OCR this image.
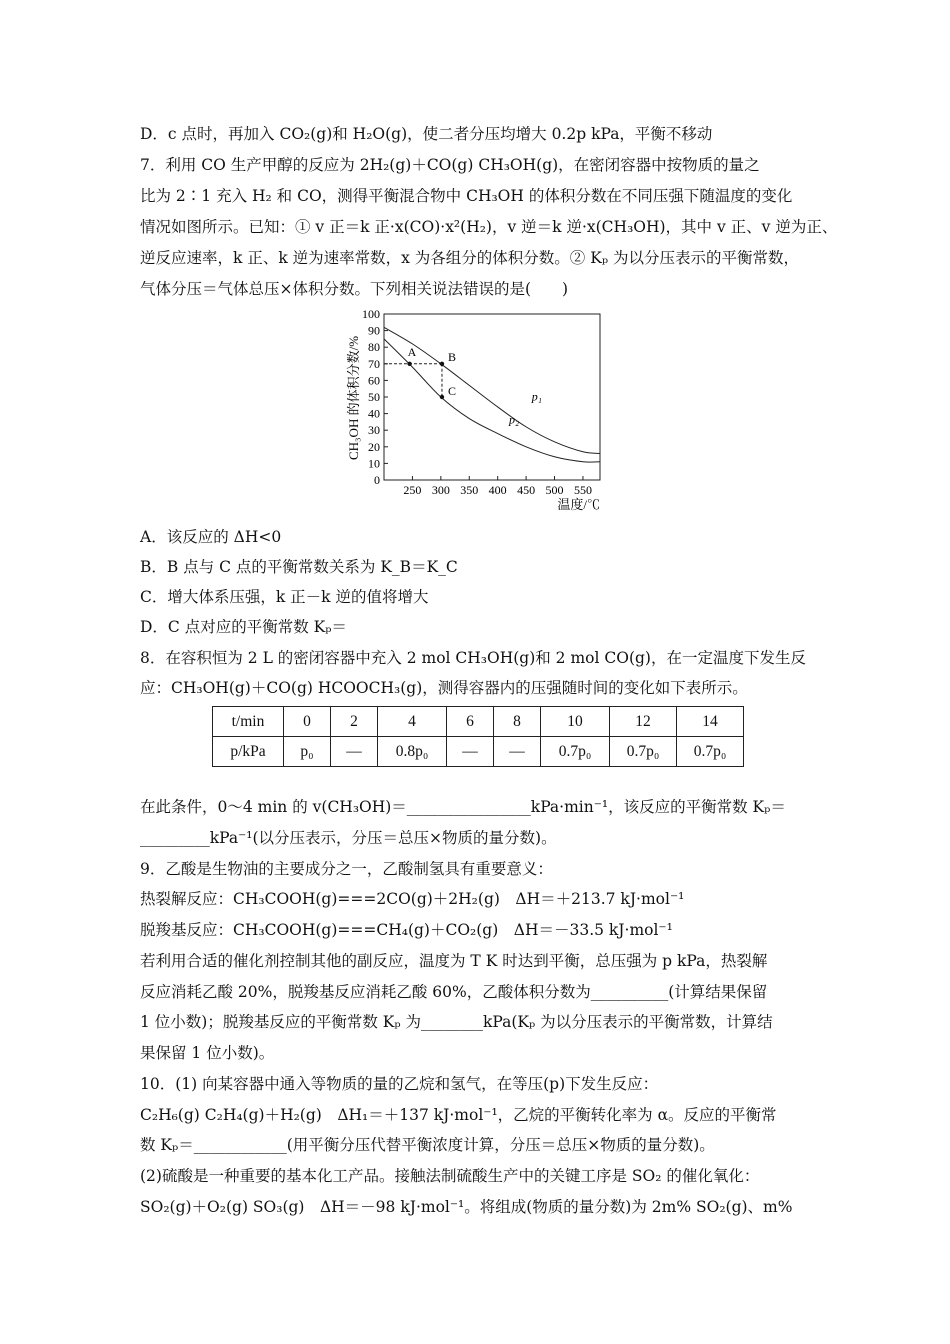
D．c 点时，再加入 CO₂(g)和 H₂O(g)，使二者分压均增大 0.2p kPa，平衡不移动
7．利用 CO 生产甲醇的反应为 2H₂(g)＋CO(g) CH₃OH(g)，在密闭容器中按物质的量之
比为 2∶1 充入 H₂ 和 CO，测得平衡混合物中 CH₃OH 的体积分数在不同压强下随温度的变化
情况如图所示。已知：① v 正＝k 正·x(CO)·x²(H₂)，v 逆＝k 逆·x(CH₃OH)，其中 v 正、v 逆为正、
逆反应速率，k 正、k 逆为速率常数，x 为各组分的体积分数。② Kₚ 为以分压表示的平衡常数，
气体分压＝气体总压×体积分数。下列相关说法错误的是(　　)
0
10
20
30
40
50
60
70
80
90
100
250 300 350 400 450 500 550
p₁
p₂
A	B
C
CH₃OH 的体积分数/%
温度/℃
A．该反应的 ΔH<0
B．B 点与 C 点的平衡常数关系为 K_B＝K_C
C．增大体系压强，k 正－k 逆的值将增大
D．C 点对应的平衡常数 Kₚ＝
8．在容积恒为 2 L 的密闭容器中充入 2 mol CH₃OH(g)和 2 mol CO(g)，在一定温度下发生反
应：CH₃OH(g)＋CO(g) HCOOCH₃(g)，测得容器内的压强随时间的变化如下表所示。
t/min	0	2	4	6	8	10	12	14
p/kPa	p₀	—	0.8p₀	—	—	0.7p₀	0.7p₀	0.7p₀
在此条件，0～4 min 的 v(CH₃OH)＝________________kPa·min⁻¹，该反应的平衡常数 Kₚ＝
_________kPa⁻¹(以分压表示，分压＝总压×物质的量分数)。
9．乙酸是生物油的主要成分之一，乙酸制氢具有重要意义：
热裂解反应：CH₃COOH(g)===2CO(g)＋2H₂(g)　ΔH＝＋213.7 kJ·mol⁻¹
脱羧基反应：CH₃COOH(g)===CH₄(g)＋CO₂(g)　ΔH＝－33.5 kJ·mol⁻¹
若利用合适的催化剂控制其他的副反应，温度为 T K 时达到平衡，总压强为 p kPa，热裂解
反应消耗乙酸 20%，脱羧基反应消耗乙酸 60%，乙酸体积分数为__________(计算结果保留
1 位小数)；脱羧基反应的平衡常数 Kₚ 为________kPa(Kₚ 为以分压表示的平衡常数，计算结
果保留 1 位小数)。
10．(1) 向某容器中通入等物质的量的乙烷和氢气，在等压(p)下发生反应：
C₂H₆(g) C₂H₄(g)＋H₂(g)　ΔH₁＝＋137 kJ·mol⁻¹，乙烷的平衡转化率为 α。反应的平衡常
数 Kₚ＝____________(用平衡分压代替平衡浓度计算，分压＝总压×物质的量分数)。
(2)硫酸是一种重要的基本化工产品。接触法制硫酸生产中的关键工序是 SO₂ 的催化氧化：
SO₂(g)＋O₂(g) SO₃(g)　ΔH＝－98 kJ·mol⁻¹。将组成(物质的量分数)为 2m% SO₂(g)、m%
